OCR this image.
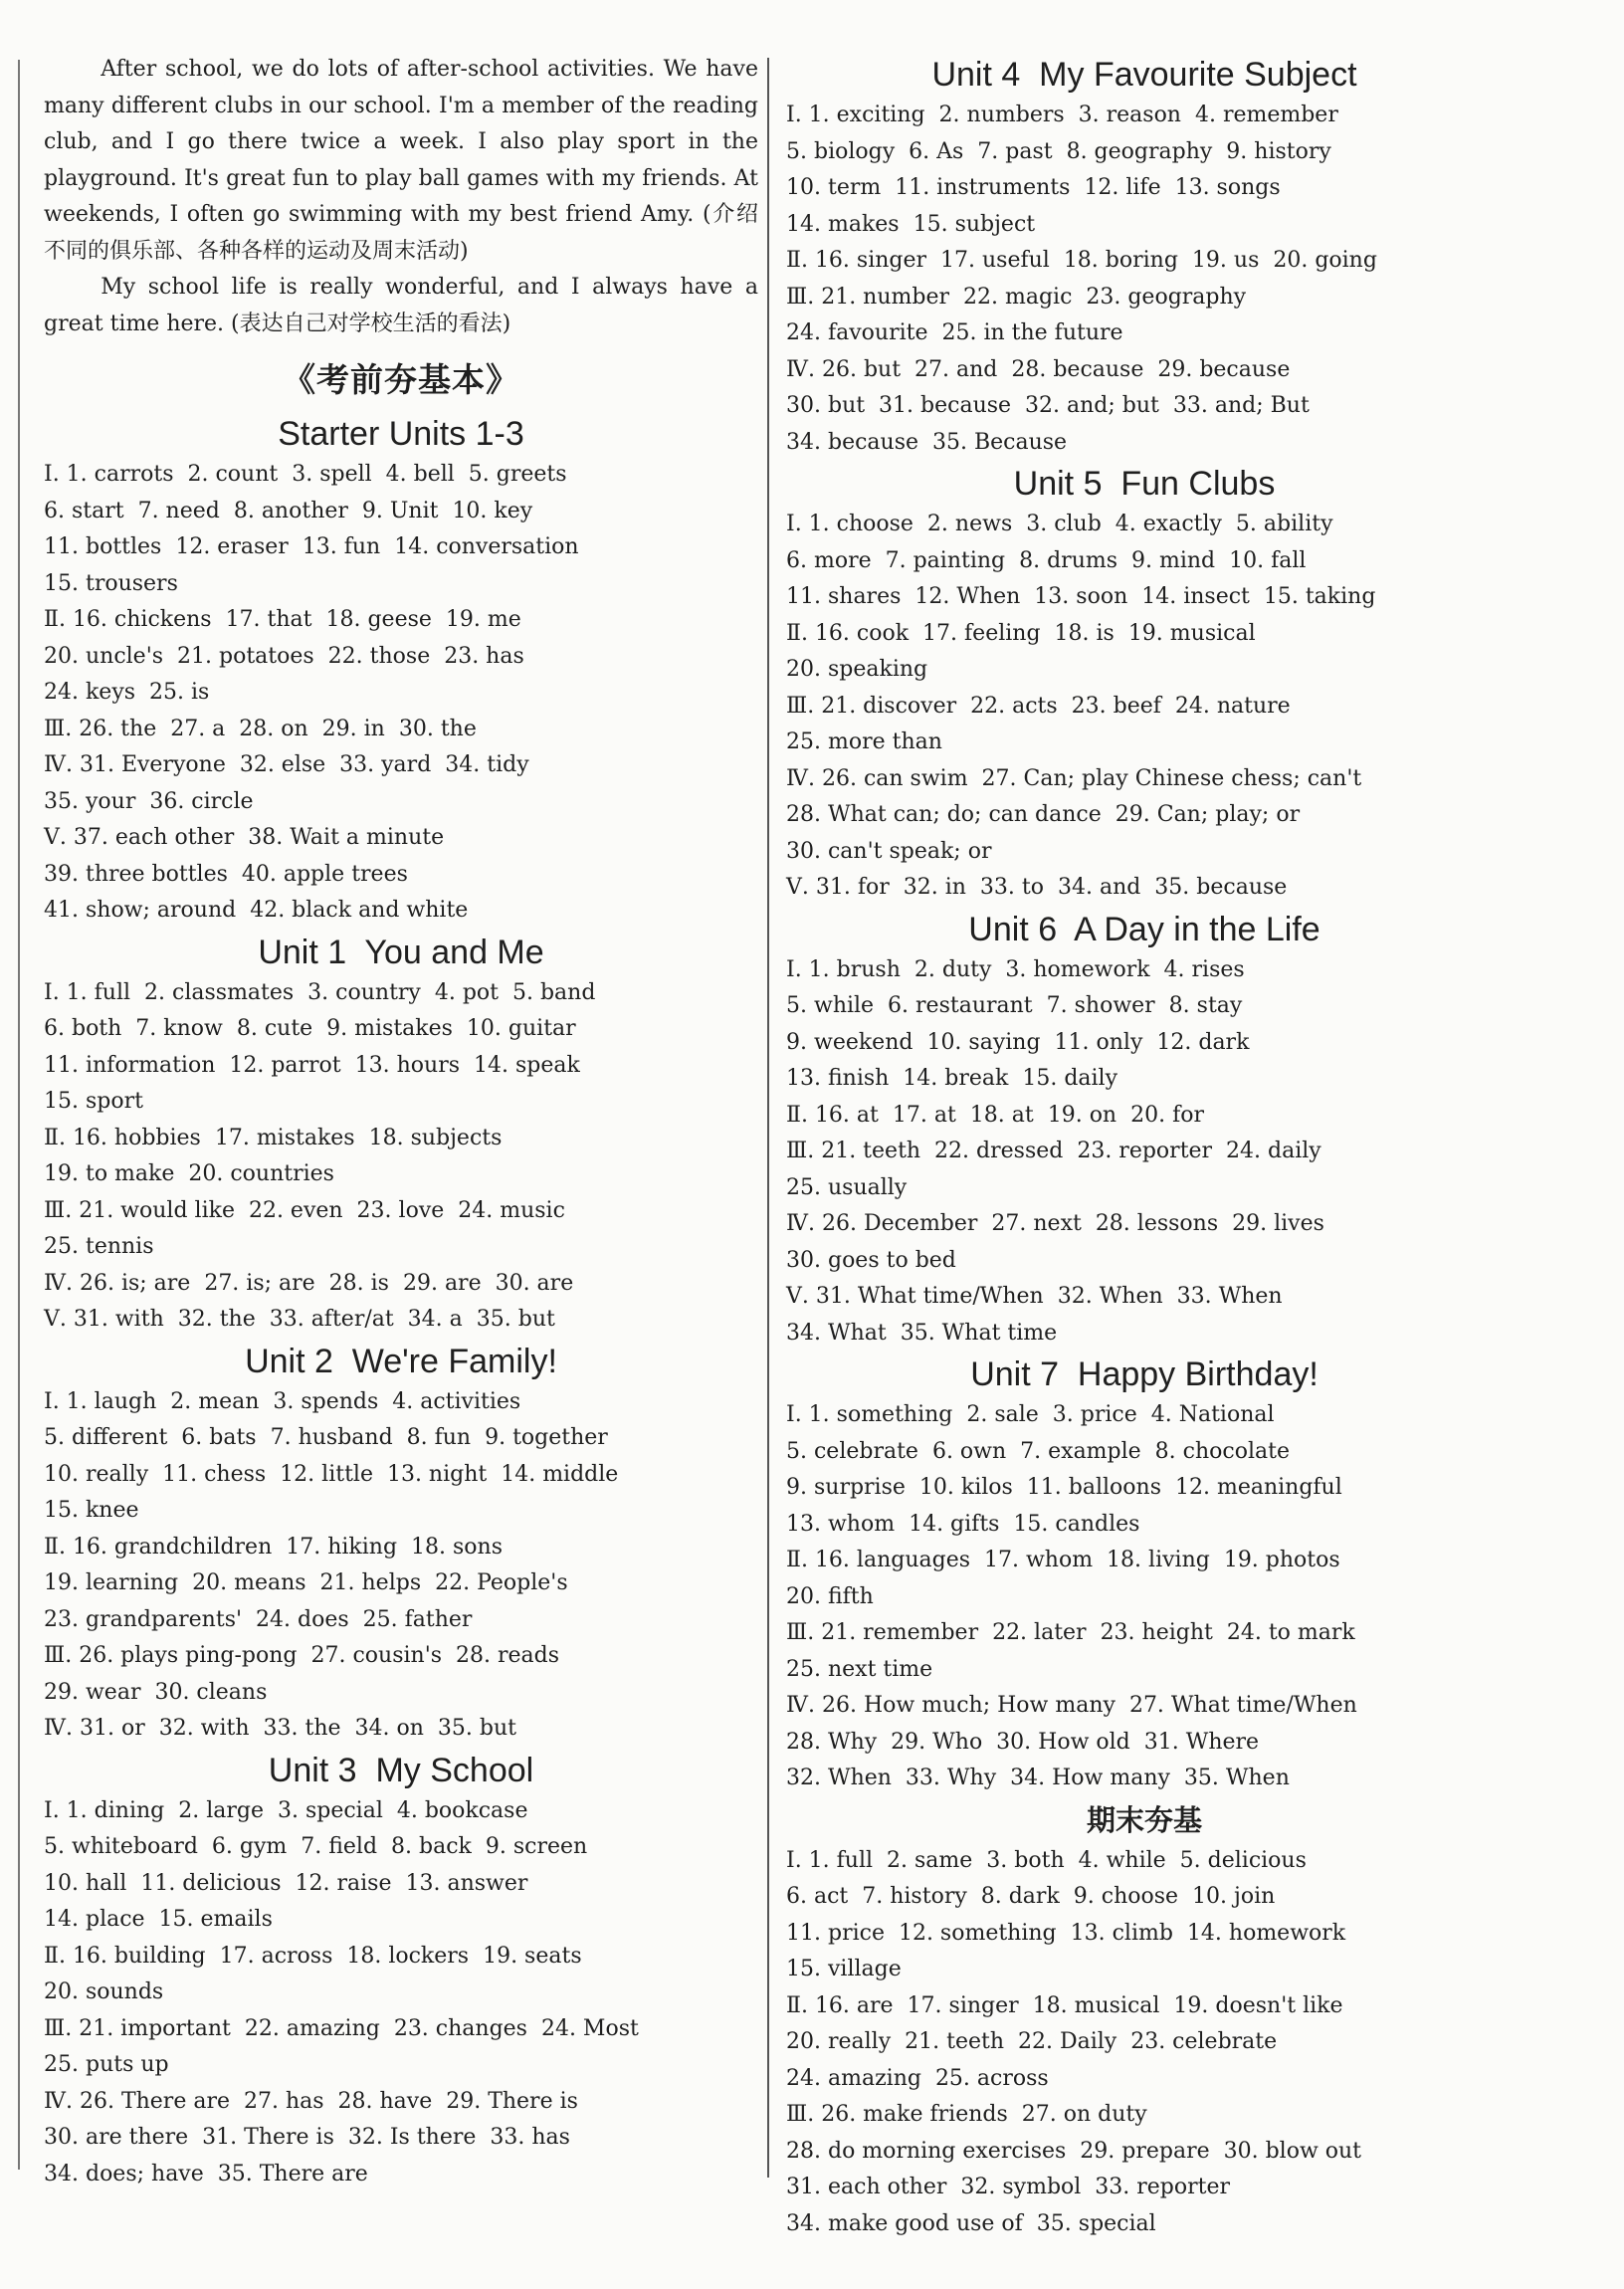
After school, we do lots of after-school activities. We have many different clubs in our school. I'm a member of the reading club, and I go there twice a week. I also play sport in the playground. It's great fun to play ball games with my friends. At weekends, I often go swimming with my best friend Amy. (介绍不同的俱乐部、各种各样的运动及周末活动)

My school life is really wonderful, and I always have a great time here. (表达自己对学校生活的看法)

《考前夯基本》
Starter Units 1-3
Ⅰ. 1. carrots  2. count  3. spell  4. bell  5. greets
6. start  7. need  8. another  9. Unit  10. key
11. bottles  12. eraser  13. fun  14. conversation
15. trousers
Ⅱ. 16. chickens  17. that  18. geese  19. me
20. uncle's  21. potatoes  22. those  23. has
24. keys  25. is
Ⅲ. 26. the  27. a  28. on  29. in  30. the
Ⅳ. 31. Everyone  32. else  33. yard  34. tidy
35. your  36. circle
Ⅴ. 37. each other  38. Wait a minute
39. three bottles  40. apple trees
41. show; around  42. black and white
Unit 1  You and Me
Ⅰ. 1. full  2. classmates  3. country  4. pot  5. band
6. both  7. know  8. cute  9. mistakes  10. guitar
11. information  12. parrot  13. hours  14. speak
15. sport
Ⅱ. 16. hobbies  17. mistakes  18. subjects
19. to make  20. countries
Ⅲ. 21. would like  22. even  23. love  24. music
25. tennis
Ⅳ. 26. is; are  27. is; are  28. is  29. are  30. are
Ⅴ. 31. with  32. the  33. after/at  34. a  35. but
Unit 2  We're Family!
Ⅰ. 1. laugh  2. mean  3. spends  4. activities
5. different  6. bats  7. husband  8. fun  9. together
10. really  11. chess  12. little  13. night  14. middle
15. knee
Ⅱ. 16. grandchildren  17. hiking  18. sons
19. learning  20. means  21. helps  22. People's
23. grandparents'  24. does  25. father
Ⅲ. 26. plays ping-pong  27. cousin's  28. reads
29. wear  30. cleans
Ⅳ. 31. or  32. with  33. the  34. on  35. but
Unit 3  My School
Ⅰ. 1. dining  2. large  3. special  4. bookcase
5. whiteboard  6. gym  7. field  8. back  9. screen
10. hall  11. delicious  12. raise  13. answer
14. place  15. emails
Ⅱ. 16. building  17. across  18. lockers  19. seats
20. sounds
Ⅲ. 21. important  22. amazing  23. changes  24. Most
25. puts up
Ⅳ. 26. There are  27. has  28. have  29. There is
30. are there  31. There is  32. Is there  33. has
34. does; have  35. There are
Unit 4  My Favourite Subject
Ⅰ. 1. exciting  2. numbers  3. reason  4. remember
5. biology  6. As  7. past  8. geography  9. history
10. term  11. instruments  12. life  13. songs
14. makes  15. subject
Ⅱ. 16. singer  17. useful  18. boring  19. us  20. going
Ⅲ. 21. number  22. magic  23. geography
24. favourite  25. in the future
Ⅳ. 26. but  27. and  28. because  29. because
30. but  31. because  32. and; but  33. and; But
34. because  35. Because
Unit 5  Fun Clubs
Ⅰ. 1. choose  2. news  3. club  4. exactly  5. ability
6. more  7. painting  8. drums  9. mind  10. fall
11. shares  12. When  13. soon  14. insect  15. taking
Ⅱ. 16. cook  17. feeling  18. is  19. musical
20. speaking
Ⅲ. 21. discover  22. acts  23. beef  24. nature
25. more than
Ⅳ. 26. can swim  27. Can; play Chinese chess; can't
28. What can; do; can dance  29. Can; play; or
30. can't speak; or
Ⅴ. 31. for  32. in  33. to  34. and  35. because
Unit 6  A Day in the Life
Ⅰ. 1. brush  2. duty  3. homework  4. rises
5. while  6. restaurant  7. shower  8. stay
9. weekend  10. saying  11. only  12. dark
13. finish  14. break  15. daily
Ⅱ. 16. at  17. at  18. at  19. on  20. for
Ⅲ. 21. teeth  22. dressed  23. reporter  24. daily
25. usually
Ⅳ. 26. December  27. next  28. lessons  29. lives
30. goes to bed
Ⅴ. 31. What time/When  32. When  33. When
34. What  35. What time
Unit 7  Happy Birthday!
Ⅰ. 1. something  2. sale  3. price  4. National
5. celebrate  6. own  7. example  8. chocolate
9. surprise  10. kilos  11. balloons  12. meaningful
13. whom  14. gifts  15. candles
Ⅱ. 16. languages  17. whom  18. living  19. photos
20. fifth
Ⅲ. 21. remember  22. later  23. height  24. to mark
25. next time
Ⅳ. 26. How much; How many  27. What time/When
28. Why  29. Who  30. How old  31. Where
32. When  33. Why  34. How many  35. When
期末夯基
Ⅰ. 1. full  2. same  3. both  4. while  5. delicious
6. act  7. history  8. dark  9. choose  10. join
11. price  12. something  13. climb  14. homework
15. village
Ⅱ. 16. are  17. singer  18. musical  19. doesn't like
20. really  21. teeth  22. Daily  23. celebrate
24. amazing  25. across
Ⅲ. 26. make friends  27. on duty
28. do morning exercises  29. prepare  30. blow out
31. each other  32. symbol  33. reporter
34. make good use of  35. special
